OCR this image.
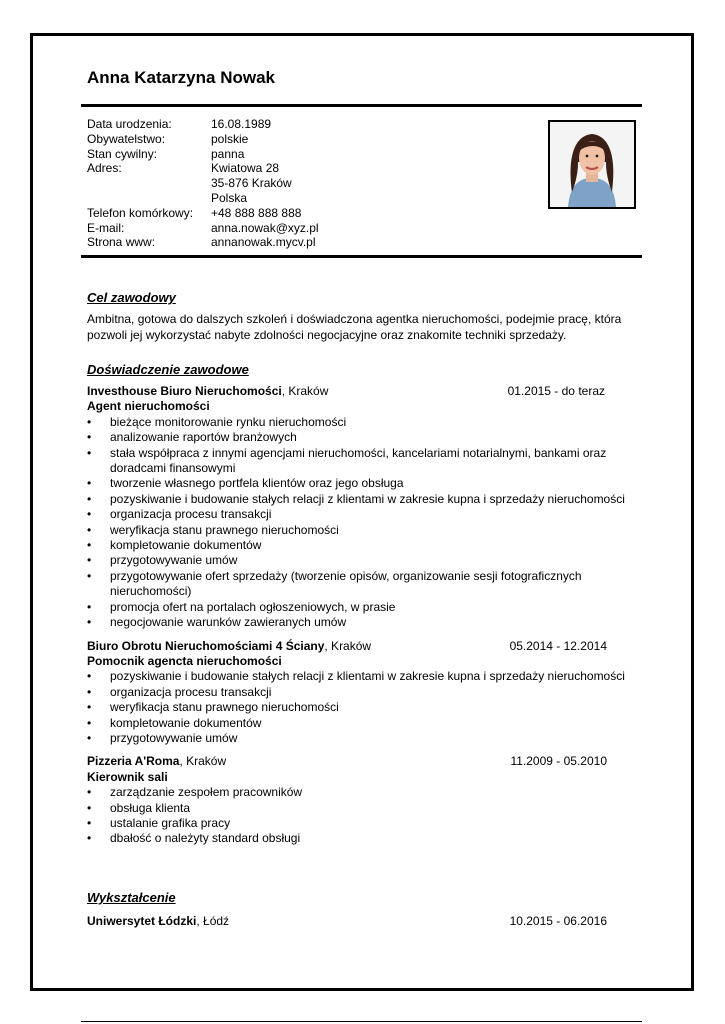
Anna Katarzyna Nowak
Data urodzenia:	16.08.1989
Obywatelstwo:	polskie
Stan cywilny:	panna
Adres:	Kwiatowa 28
35-876 Kraków
Polska
Telefon komórkowy:	+48 888 888 888
E-mail:	anna.nowak@xyz.pl
Strona www:	annanowak.mycv.pl
Cel zawodowy

Ambitna, gotowa do dalszych szkoleń i doświadczona agentka nieruchomości, podejmie pracę, która pozwoli jej wykorzystać nabyte zdolności negocjacyjne oraz znakomite techniki sprzedaży.

Doświadczenie zawodowe
Investhouse Biuro Nieruchomości, Kraków	01.2015 - do teraz
Agent nieruchomości
• bieżące monitorowanie rynku nieruchomości
• analizowanie raportów branżowych
• stała współpraca z innymi agencjami nieruchomości, kancelariami notarialnymi, bankami oraz doradcami finansowymi
• tworzenie własnego portfela klientów oraz jego obsługa
• pozyskiwanie i budowanie stałych relacji z klientami w zakresie kupna i sprzedaży nieruchomości
• organizacja procesu transakcji
• weryfikacja stanu prawnego nieruchomości
• kompletowanie dokumentów
• przygotowywanie umów
• przygotowywanie ofert sprzedaży (tworzenie opisów, organizowanie sesji fotograficznych nieruchomości)
• promocja ofert na portalach ogłoszeniowych, w prasie
• negocjowanie warunków zawieranych umów
Biuro Obrotu Nieruchomościami 4 Ściany, Kraków	05.2014 - 12.2014
Pomocnik agencta nieruchomości
• pozyskiwanie i budowanie stałych relacji z klientami w zakresie kupna i sprzedaży nieruchomości
• organizacja procesu transakcji
• weryfikacja stanu prawnego nieruchomości
• kompletowanie dokumentów
• przygotowywanie umów
Pizzeria A'Roma, Kraków	11.2009 - 05.2010
Kierownik sali
• zarządzanie zespołem pracowników
• obsługa klienta
• ustalanie grafika pracy
• dbałość o należyty standard obsługi
Wykształcenie
Uniwersytet Łódzki, Łódź	10.2015 - 06.2016
